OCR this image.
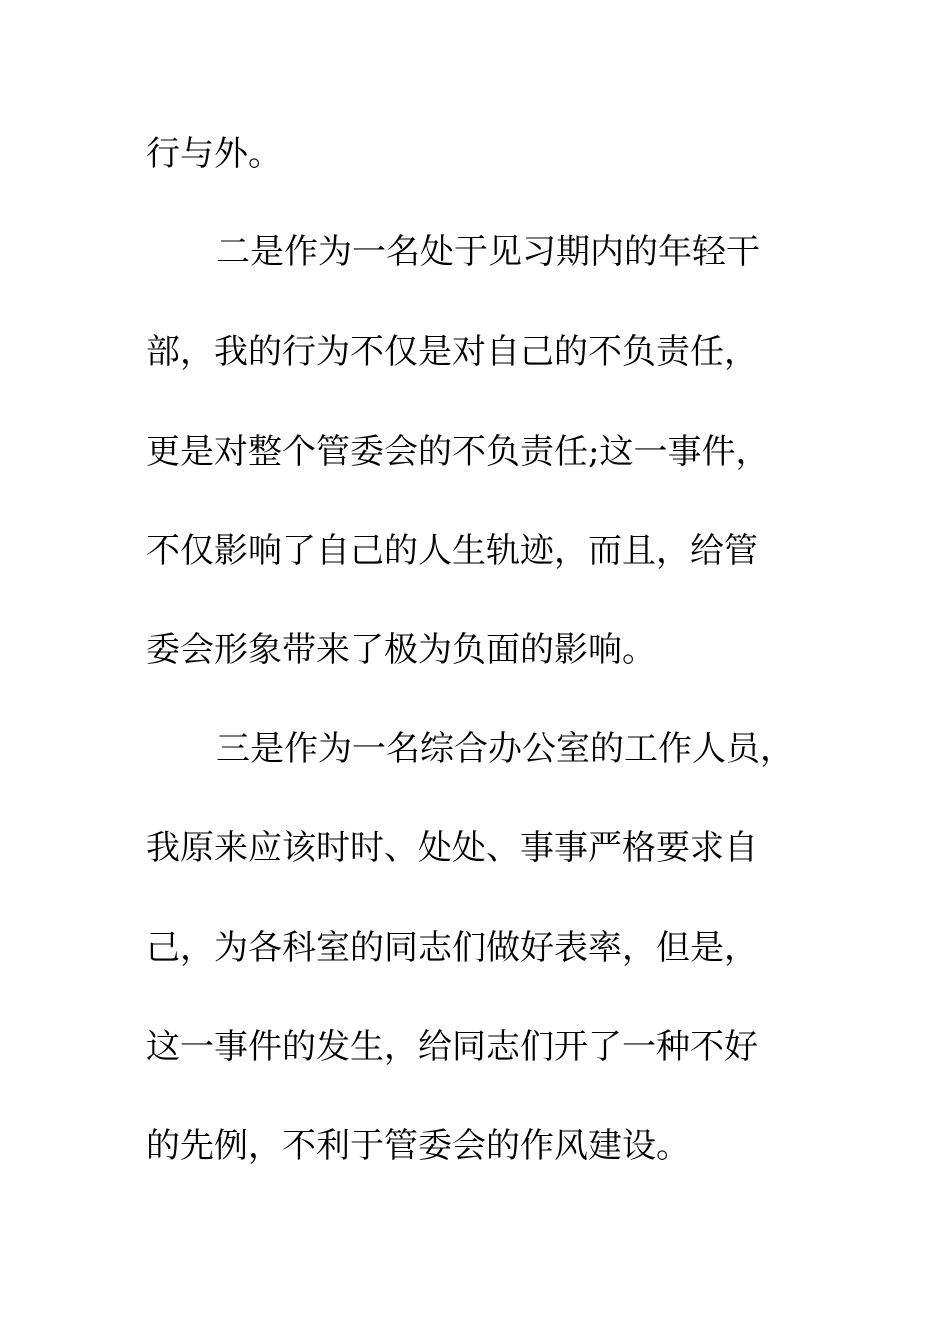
行与外。
二是作为一名处于见习期内的年轻干
部，我的行为不仅是对自己的不负责任，
更是对整个管委会的不负责任;这一事件，
不仅影响了自己的人生轨迹，而且，给管
委会形象带来了极为负面的影响。
三是作为一名综合办公室的工作人员，
我原来应该时时、处处、事事严格要求自
己，为各科室的同志们做好表率，但是，
这一事件的发生，给同志们开了一种不好
的先例，不利于管委会的作风建设。
